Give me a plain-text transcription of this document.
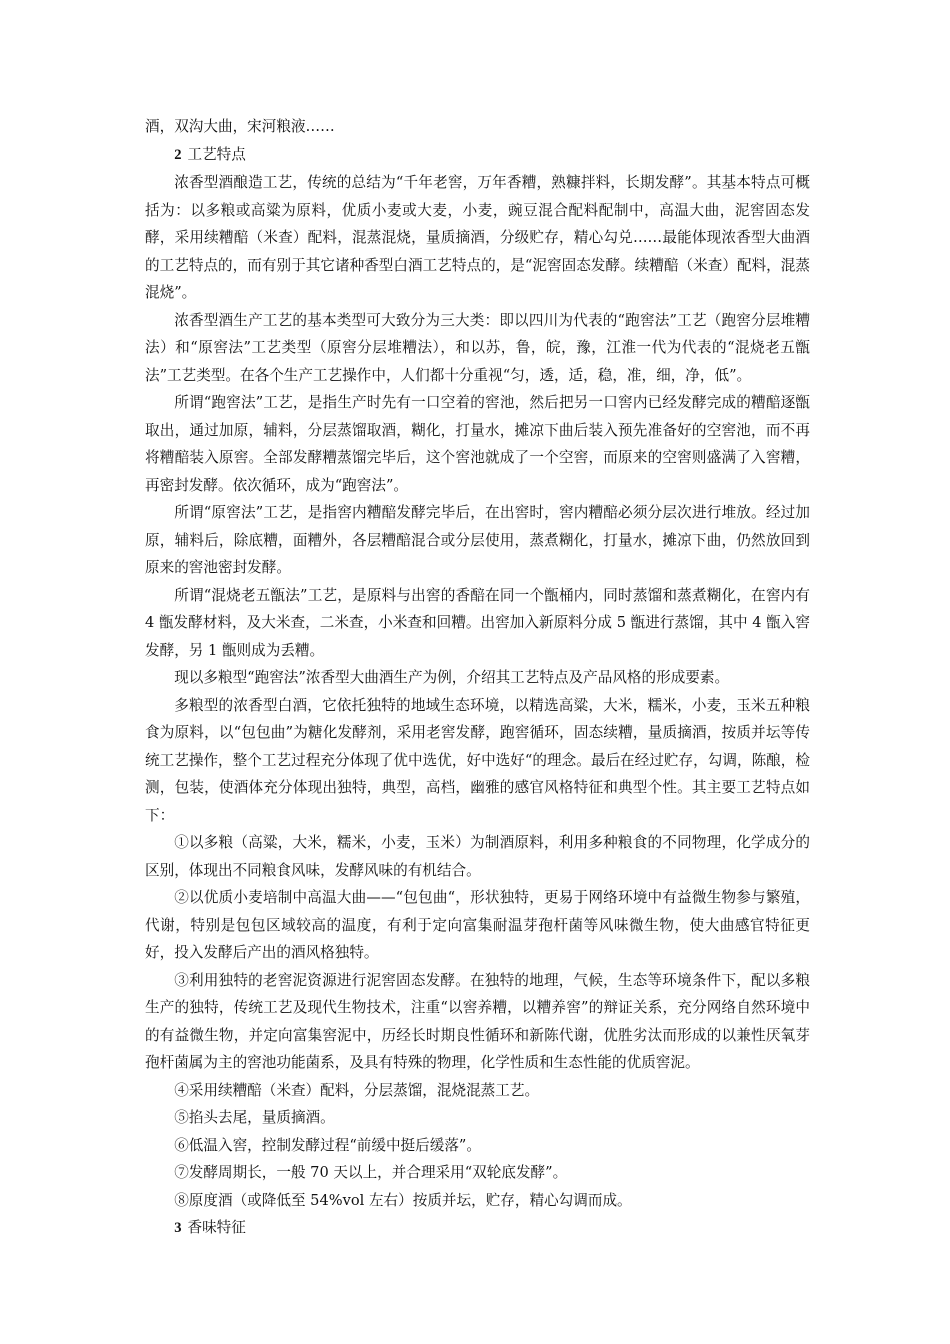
酒，双沟大曲，宋河粮液……

2 工艺特点

浓香型酒酿造工艺，传统的总结为“千年老窖，万年香糟，熟糠拌料，长期发酵”。其基本特点可概括为：以多粮或高粱为原料，优质小麦或大麦，小麦，豌豆混合配料配制中，高温大曲，泥窖固态发酵，采用续糟醅（米查）配料，混蒸混烧，量质摘酒，分级贮存，精心勾兑……最能体现浓香型大曲酒的工艺特点的，而有别于其它诸种香型白酒工艺特点的，是“泥窖固态发酵。续糟醅（米查）配料，混蒸混烧”。

浓香型酒生产工艺的基本类型可大致分为三大类：即以四川为代表的“跑窖法”工艺（跑窖分层堆糟法）和“原窖法”工艺类型（原窖分层堆糟法），和以苏，鲁，皖，豫，江淮一代为代表的“混烧老五甑法”工艺类型。在各个生产工艺操作中，人们都十分重视“匀，透，适，稳，准，细，净，低”。

所谓“跑窖法”工艺，是指生产时先有一口空着的窖池，然后把另一口窖内已经发酵完成的糟醅逐甑取出，通过加原，辅料，分层蒸馏取酒，糊化，打量水，摊凉下曲后装入预先准备好的空窖池，而不再将糟醅装入原窖。全部发酵糟蒸馏完毕后，这个窖池就成了一个空窖，而原来的空窖则盛满了入窖糟，再密封发酵。依次循环，成为“跑窖法”。

所谓“原窖法”工艺，是指窖内糟醅发酵完毕后，在出窖时，窖内糟醅必须分层次进行堆放。经过加原，辅料后，除底糟，面糟外，各层糟醅混合或分层使用，蒸煮糊化，打量水，摊凉下曲，仍然放回到原来的窖池密封发酵。

所谓“混烧老五甑法”工艺，是原料与出窖的香醅在同一个甑桶内，同时蒸馏和蒸煮糊化，在窖内有 4 甑发酵材料，及大米查，二米查，小米查和回糟。出窖加入新原料分成 5 甑进行蒸馏，其中 4 甑入窖发酵，另 1 甑则成为丢糟。

现以多粮型“跑窖法”浓香型大曲酒生产为例，介绍其工艺特点及产品风格的形成要素。

多粮型的浓香型白酒，它依托独特的地域生态环境，以精选高粱，大米，糯米，小麦，玉米五种粮食为原料，以“包包曲”为糖化发酵剂，采用老窖发酵，跑窖循环，固态续糟，量质摘酒，按质并坛等传统工艺操作，整个工艺过程充分体现了优中选优，好中选好“的理念。最后在经过贮存，勾调，陈酿，检测，包装，使酒体充分体现出独特，典型，高档，幽雅的感官风格特征和典型个性。其主要工艺特点如下：

①以多粮（高粱，大米，糯米，小麦，玉米）为制酒原料，利用多种粮食的不同物理，化学成分的区别，体现出不同粮食风味，发酵风味的有机结合。

②以优质小麦培制中高温大曲——“包包曲“，形状独特，更易于网络环境中有益微生物参与繁殖，代谢，特别是包包区域较高的温度，有利于定向富集耐温芽孢杆菌等风味微生物，使大曲感官特征更好，投入发酵后产出的酒风格独特。

③利用独特的老窖泥资源进行泥窖固态发酵。在独特的地理，气候，生态等环境条件下，配以多粮生产的独特，传统工艺及现代生物技术，注重“以窖养糟，以糟养窖”的辩证关系，充分网络自然环境中的有益微生物，并定向富集窖泥中，历经长时期良性循环和新陈代谢，优胜劣汰而形成的以兼性厌氧芽孢杆菌属为主的窖池功能菌系，及具有特殊的物理，化学性质和生态性能的优质窖泥。

④采用续糟醅（米查）配料，分层蒸馏，混烧混蒸工艺。

⑤掐头去尾，量质摘酒。

⑥低温入窖，控制发酵过程“前缓中挺后缓落”。

⑦发酵周期长，一般 70 天以上，并合理采用“双轮底发酵”。

⑧原度酒（或降低至 54%vol 左右）按质并坛，贮存，精心勾调而成。

3 香味特征
